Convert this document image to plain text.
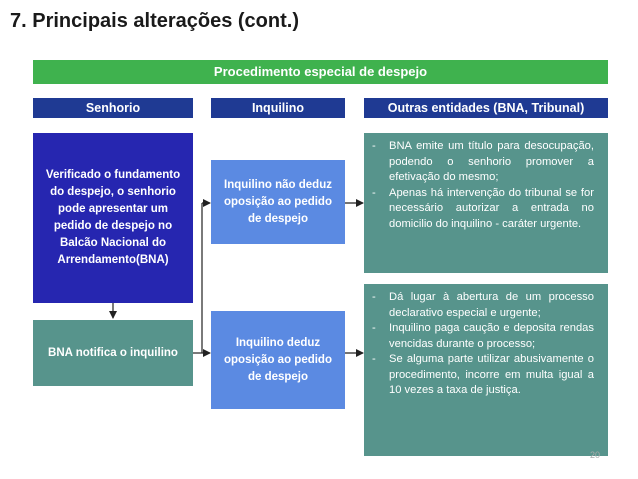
7. Principais alterações (cont.)
Procedimento especial de despejo
Senhorio	Inquilino	Outras entidades (BNA, Tribunal)
Verificado o fundamento do despejo, o senhorio pode apresentar um pedido de despejo no Balcão Nacional do Arrendamento(BNA)
BNA notifica o inquilino
Inquilino não deduz oposição ao pedido de despejo
Inquilino deduz oposição ao pedido de despejo
- BNA emite um título para desocupação, podendo o senhorio promover a efetivação do mesmo;
- Apenas há intervenção do tribunal se for necessário autorizar a entrada no domicilio do inquilino - caráter urgente.
- Dá lugar à abertura de um processo declarativo especial e urgente;
- Inquilino paga caução e deposita rendas vencidas durante o processo;
- Se alguma parte utilizar abusivamente o procedimento, incorre em multa igual a 10 vezes a taxa de justiça.
20
